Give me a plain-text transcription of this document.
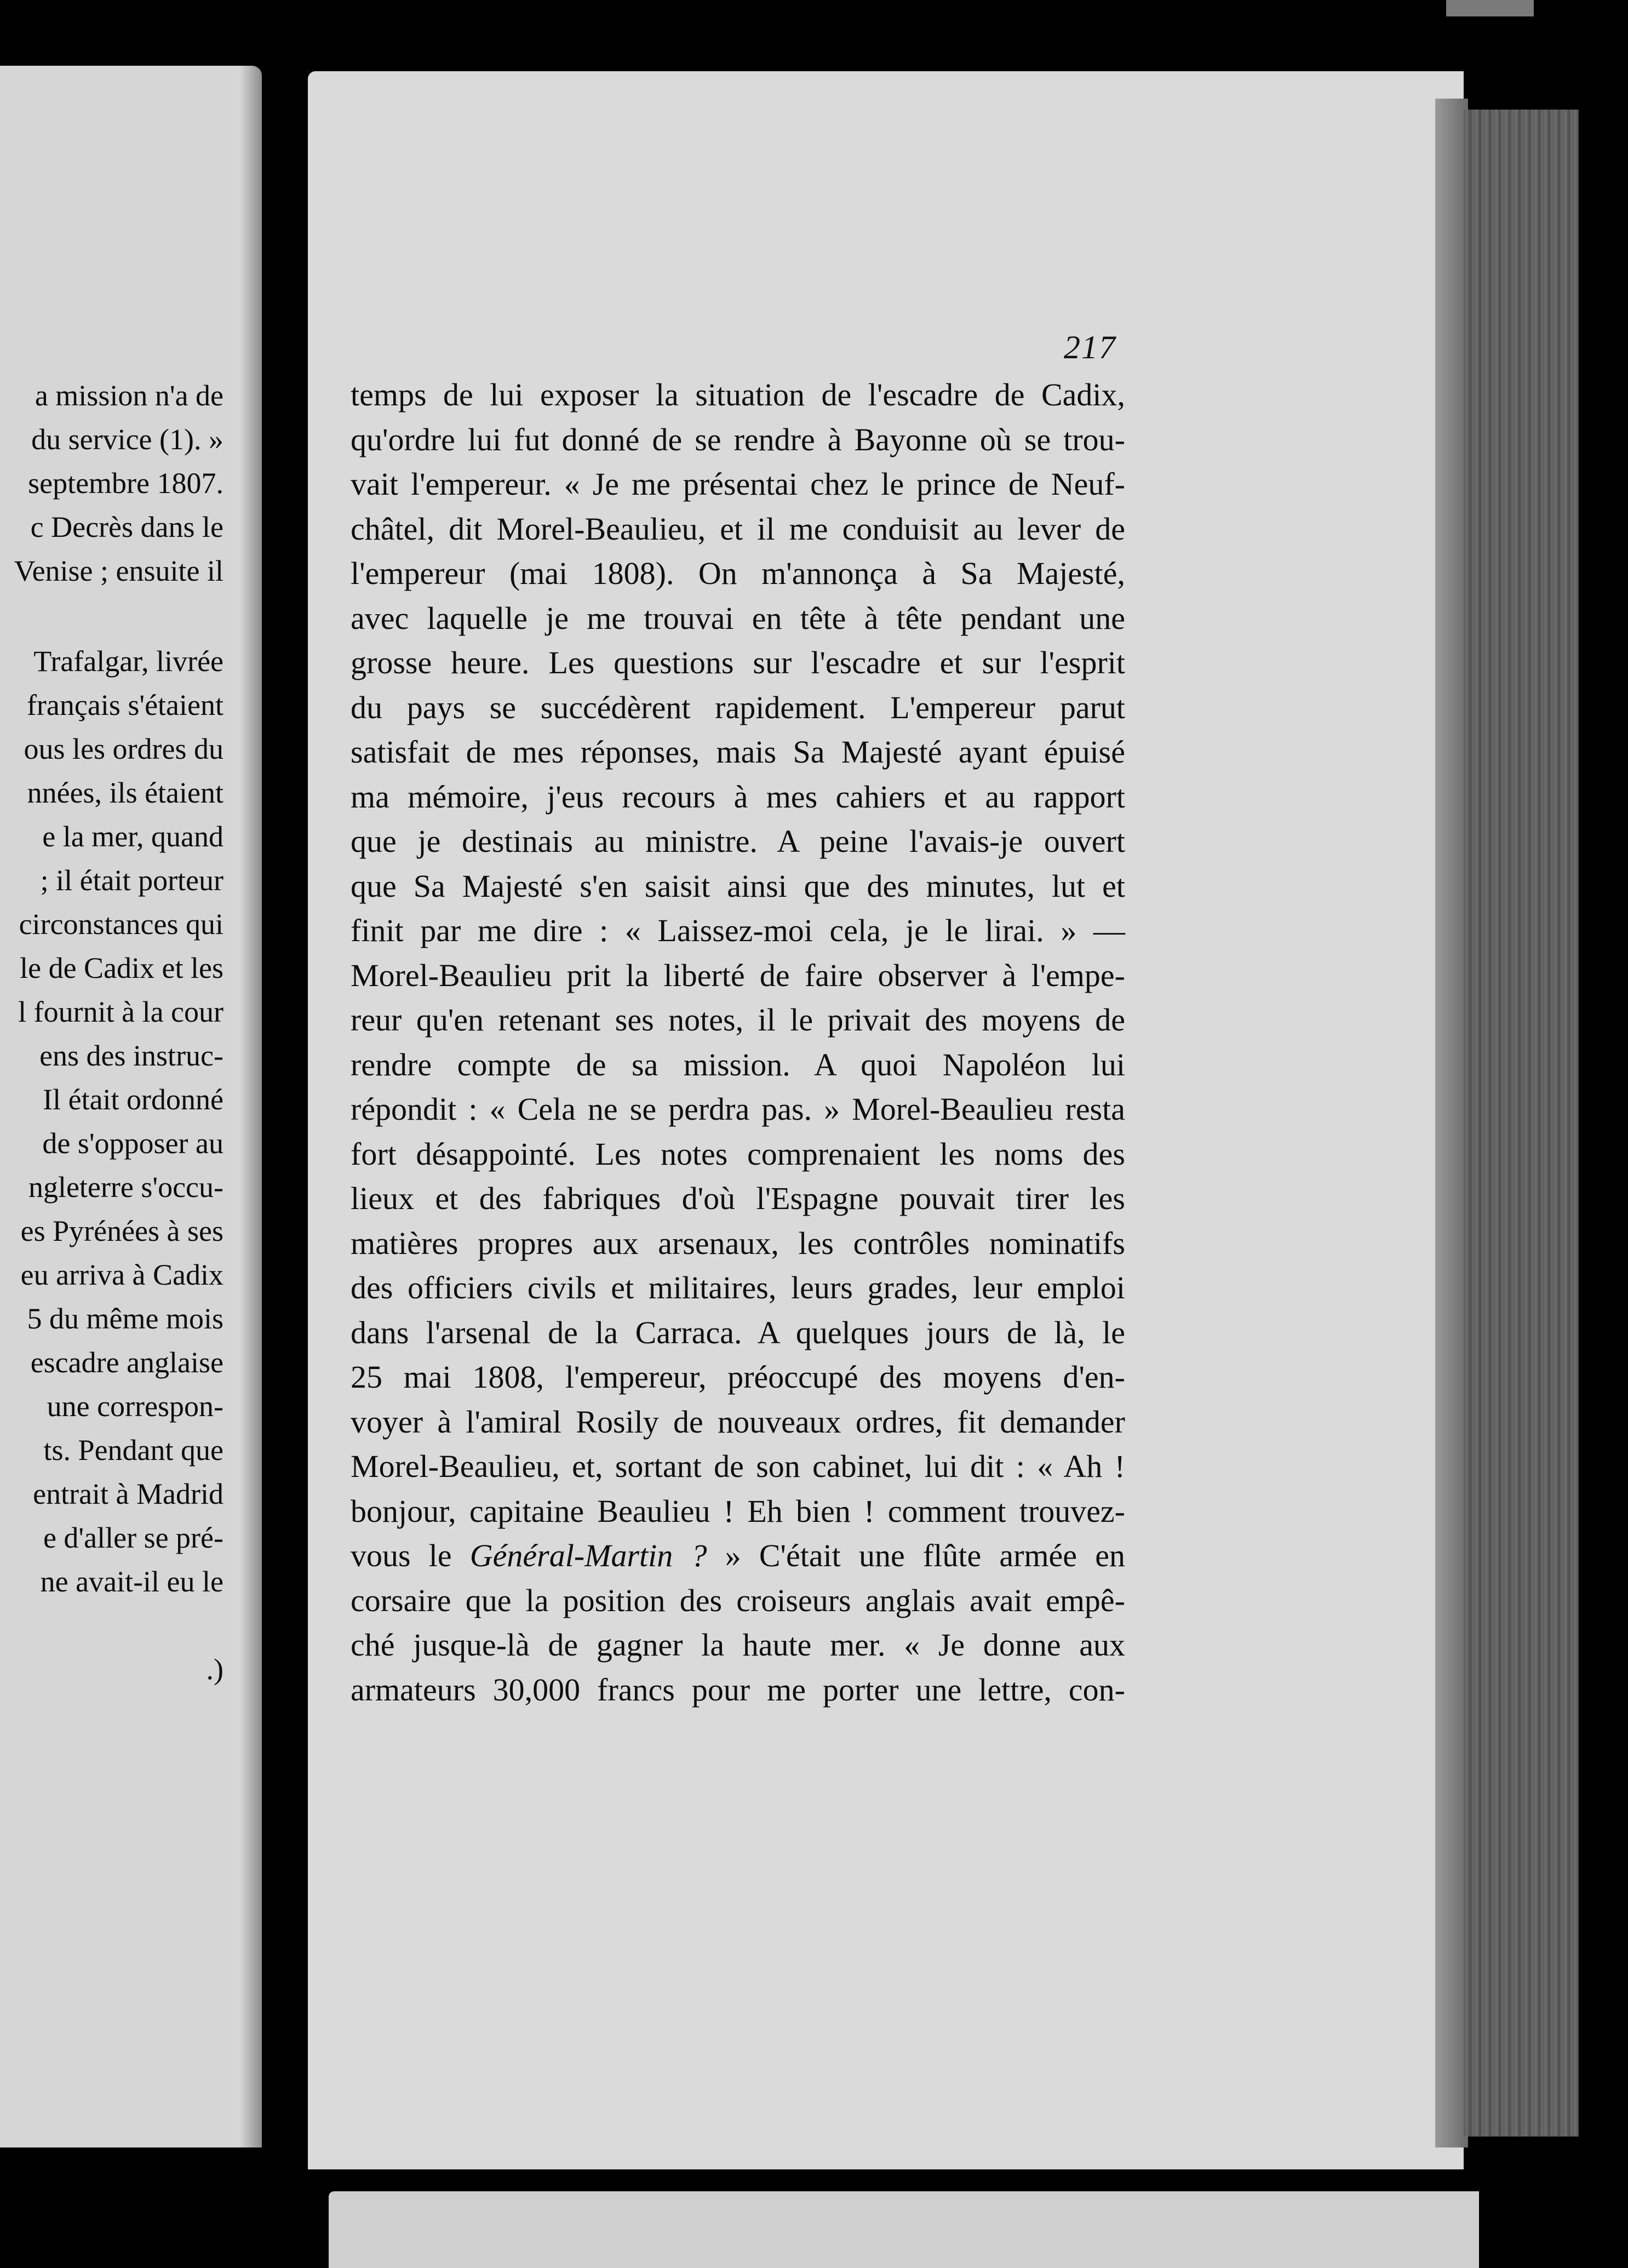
a mission n'a de
du service (1). »
septembre 1807.
c Decrès dans le
Venise ; ensuite il
Trafalgar, livrée
français s'étaient
ous les ordres du
nnées, ils étaient
e la mer, quand
; il était porteur
circonstances qui
le de Cadix et les
l fournit à la cour
ens des instruc-
Il était ordonné
de s'opposer au
ngleterre s'occu-
es Pyrénées à ses
eu arriva à Cadix
5 du même mois
escadre anglaise
une correspon-
ts. Pendant que
entrait à Madrid
e d'aller se pré-
ne avait-il eu le
.)
217
temps de lui exposer la situation de l'escadre de Cadix,
qu'ordre lui fut donné de se rendre à Bayonne où se trou-
vait l'empereur. « Je me présentai chez le prince de Neuf-
châtel, dit Morel-Beaulieu, et il me conduisit au lever de
l'empereur (mai 1808). On m'annonça à Sa Majesté,
avec laquelle je me trouvai en tête à tête pendant une
grosse heure. Les questions sur l'escadre et sur l'esprit
du pays se succédèrent rapidement. L'empereur parut
satisfait de mes réponses, mais Sa Majesté ayant épuisé
ma mémoire, j'eus recours à mes cahiers et au rapport
que je destinais au ministre. A peine l'avais-je ouvert
que Sa Majesté s'en saisit ainsi que des minutes, lut et
finit par me dire : « Laissez-moi cela, je le lirai. » —
Morel-Beaulieu prit la liberté de faire observer à l'empe-
reur qu'en retenant ses notes, il le privait des moyens de
rendre compte de sa mission. A quoi Napoléon lui
répondit : « Cela ne se perdra pas. » Morel-Beaulieu resta
fort désappointé. Les notes comprenaient les noms des
lieux et des fabriques d'où l'Espagne pouvait tirer les
matières propres aux arsenaux, les contrôles nominatifs
des officiers civils et militaires, leurs grades, leur emploi
dans l'arsenal de la Carraca. A quelques jours de là, le
25 mai 1808, l'empereur, préoccupé des moyens d'en-
voyer à l'amiral Rosily de nouveaux ordres, fit demander
Morel-Beaulieu, et, sortant de son cabinet, lui dit : « Ah !
bonjour, capitaine Beaulieu ! Eh bien ! comment trouvez-
vous le Général-Martin ? » C'était une flûte armée en
corsaire que la position des croiseurs anglais avait empê-
ché jusque-là de gagner la haute mer. « Je donne aux
armateurs 30,000 francs pour me porter une lettre, con-
